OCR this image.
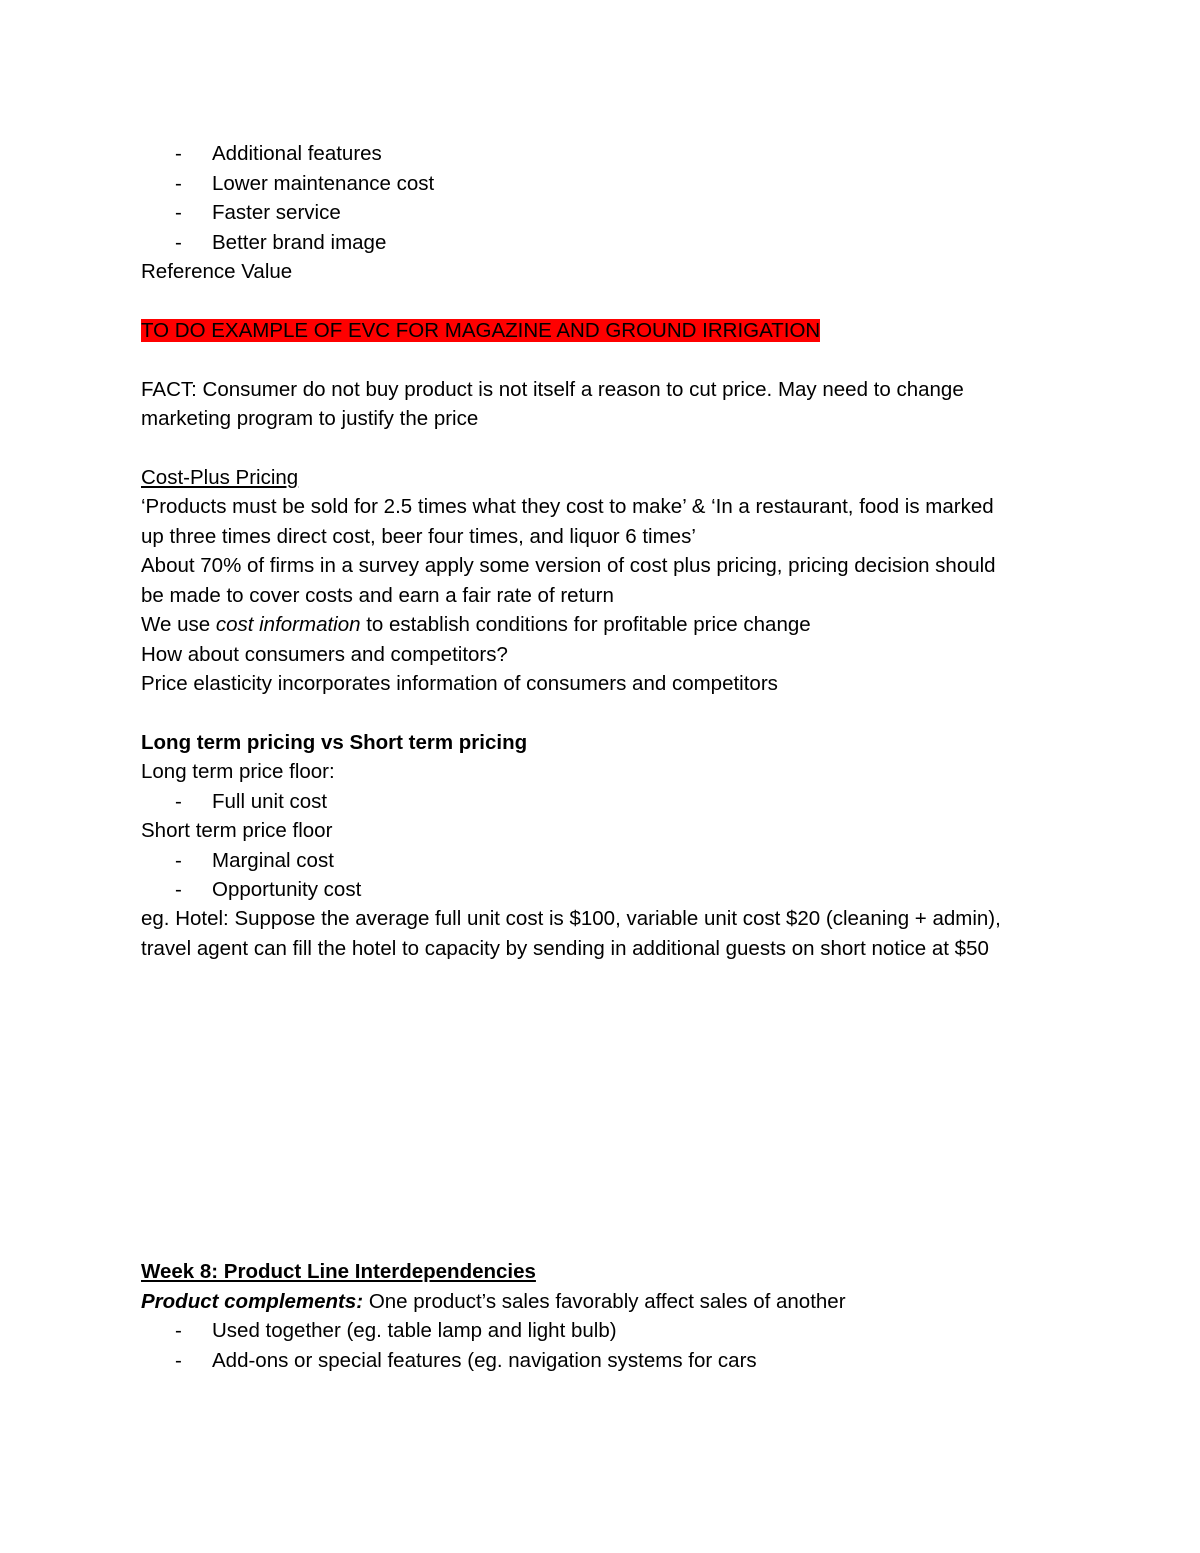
- Additional features
- Lower maintenance cost
- Faster service
- Better brand image
Reference Value
TO DO EXAMPLE OF EVC FOR MAGAZINE AND GROUND IRRIGATION
FACT: Consumer do not buy product is not itself a reason to cut price. May need to change
marketing program to justify the price
Cost-Plus Pricing
‘Products must be sold for 2.5 times what they cost to make’ & ‘In a restaurant, food is marked
up three times direct cost, beer four times, and liquor 6 times’
About 70% of firms in a survey apply some version of cost plus pricing, pricing decision should
be made to cover costs and earn a fair rate of return
We use cost information to establish conditions for profitable price change
How about consumers and competitors?
Price elasticity incorporates information of consumers and competitors
Long term pricing vs Short term pricing
Long term price floor:
- Full unit cost
Short term price floor
- Marginal cost
- Opportunity cost
eg. Hotel: Suppose the average full unit cost is $100, variable unit cost $20 (cleaning + admin),
travel agent can fill the hotel to capacity by sending in additional guests on short notice at $50
Week 8: Product Line Interdependencies
Product complements: One product’s sales favorably affect sales of another
- Used together (eg. table lamp and light bulb)
- Add-ons or special features (eg. navigation systems for cars
